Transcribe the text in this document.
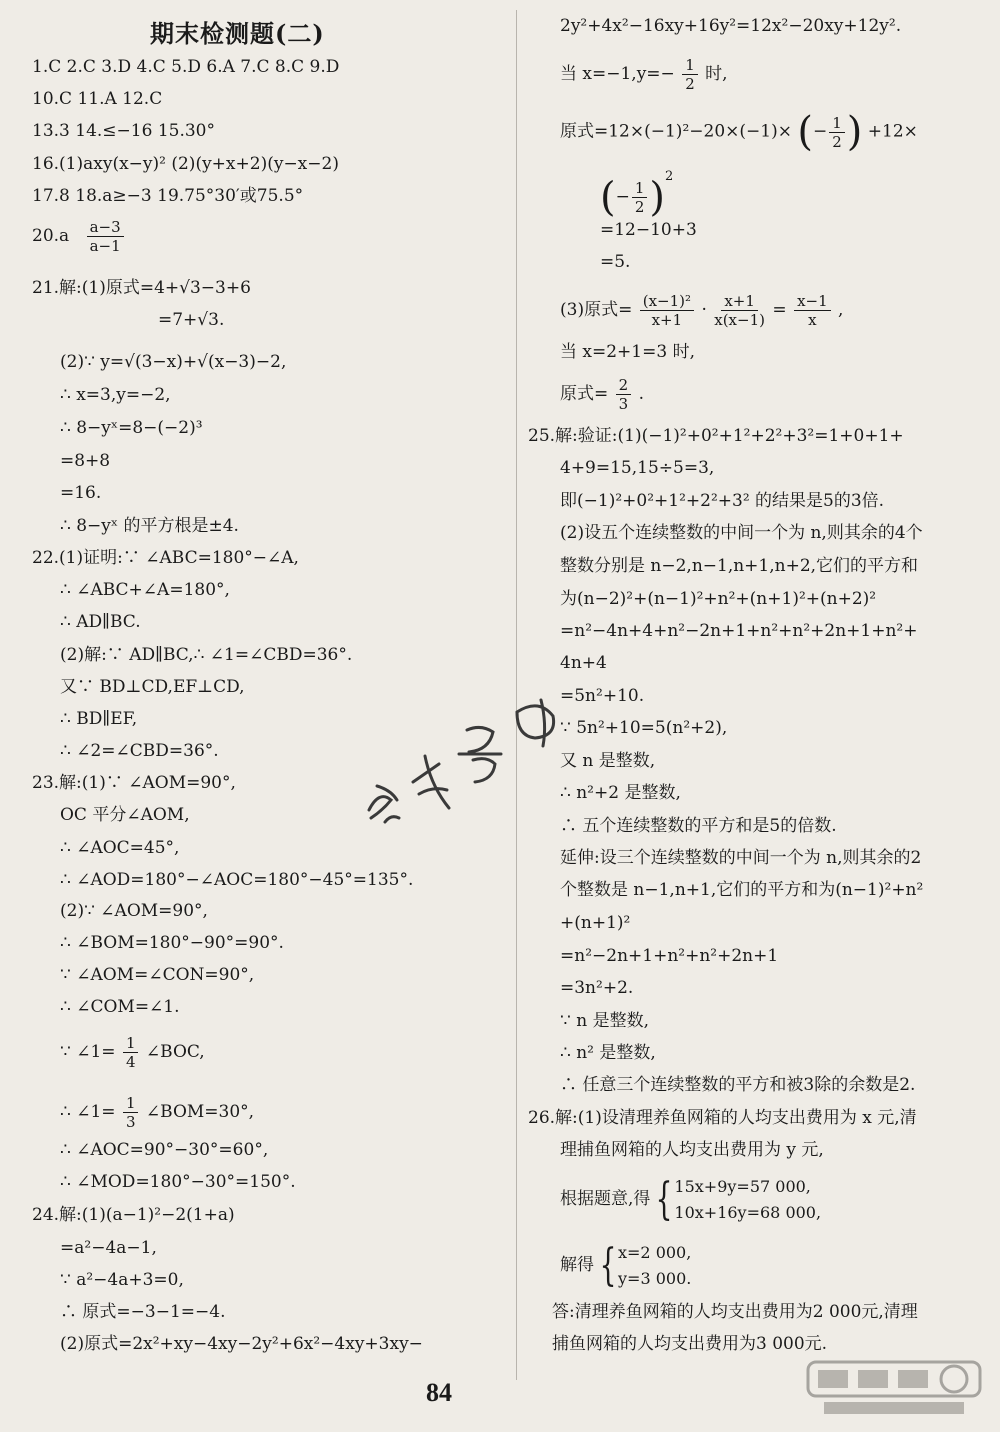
期末检测题(二)
1.C 2.C 3.D 4.C 5.D 6.A 7.C 8.C 9.D
10.C 11.A 12.C
13.3 14.≤−16 15.30°
16.(1)axy(x−y)² (2)(y+x+2)(y−x−2)
17.8 18.a≥−3 19.75°30′或75.5°
$20.a \frac{a-3}{a-1}$
21.解:(1)原式=4+√3−3+6
=7+√3.
(2)∵ y=√(3−x)+√(x−3)−2,
∴ x=3,y=−2,
∴ 8−yˣ=8−(−2)³
=8+8
=16.
∴ 8−yˣ 的平方根是±4.
22.(1)证明:∵ ∠ABC=180°−∠A,
∴ ∠ABC+∠A=180°,
∴ AD∥BC.
(2)解:∵ AD∥BC,∴ ∠1=∠CBD=36°.
又∵ BD⊥CD,EF⊥CD,
∴ BD∥EF,
∴ ∠2=∠CBD=36°.
23.解:(1)∵ ∠AOM=90°,
OC 平分∠AOM,
∴ ∠AOC=45°,
∴ ∠AOD=180°−∠AOC=180°−45°=135°.
(2)∵ ∠AOM=90°,
∴ ∠BOM=180°−90°=90°.
∵ ∠AOM=∠CON=90°,
∴ ∠COM=∠1.
∵ ∠1= $\frac{1}{4}$ ∠BOC,
∴ ∠1= $\frac{1}{3}$ ∠BOM=30°,
∴ ∠AOC=90°−30°=60°,
∴ ∠MOD=180°−30°=150°.
24.解:(1)(a−1)²−2(1+a)
=a²−4a−1,
∵ a²−4a+3=0,
∴ 原式=−3−1=−4.
(2)原式=2x²+xy−4xy−2y²+6x²−4xy+3xy−
2y²+4x²−16xy+16y²=12x²−20xy+12y².
当 $x=-1,y=- \frac{1}{2}$ 时,
原式=12×(−1)²−20×(−1)× (− $\frac{1}{2}$ ) +12×
(− $\frac{1}{2} )^2$
=12−10+3
=5.
(3)原式= $\frac{\text{(x−1)²}}{x+1} \cdot \frac{x+1}{x(x-1)} = \frac{x-1}{x}$ ,
当 x=2+1=3 时,
原式= $\frac{2}{3}$ .
25.解:验证:(1)(−1)²+0²+1²+2²+3²=1+0+1+
4+9=15,15÷5=3,
即(−1)²+0²+1²+2²+3² 的结果是5的3倍.
(2)设五个连续整数的中间一个为 n,则其余的4个
整数分别是 n−2,n−1,n+1,n+2,它们的平方和
为(n−2)²+(n−1)²+n²+(n+1)²+(n+2)²
=n²−4n+4+n²−2n+1+n²+n²+2n+1+n²+
4n+4
=5n²+10.
∵ 5n²+10=5(n²+2),
又 n 是整数,
∴ n²+2 是整数,
∴ 五个连续整数的平方和是5的倍数.
延伸:设三个连续整数的中间一个为 n,则其余的2
个整数是 n−1,n+1,它们的平方和为(n−1)²+n²
+(n+1)²
=n²−2n+1+n²+n²+2n+1
=3n²+2.
∵ n 是整数,
∴ n² 是整数,
∴ 任意三个连续整数的平方和被3除的余数是2.
26.解:(1)设清理养鱼网箱的人均支出费用为 x 元,清
理捕鱼网箱的人均支出费用为 y 元,
根据题意,得 { 15x+9y=57 000,
10x+16y=68 000,
解得 { x=2 000,
y=3 000.
答:清理养鱼网箱的人均支出费用为2 000元,清理
捕鱼网箱的人均支出费用为3 000元.
84
